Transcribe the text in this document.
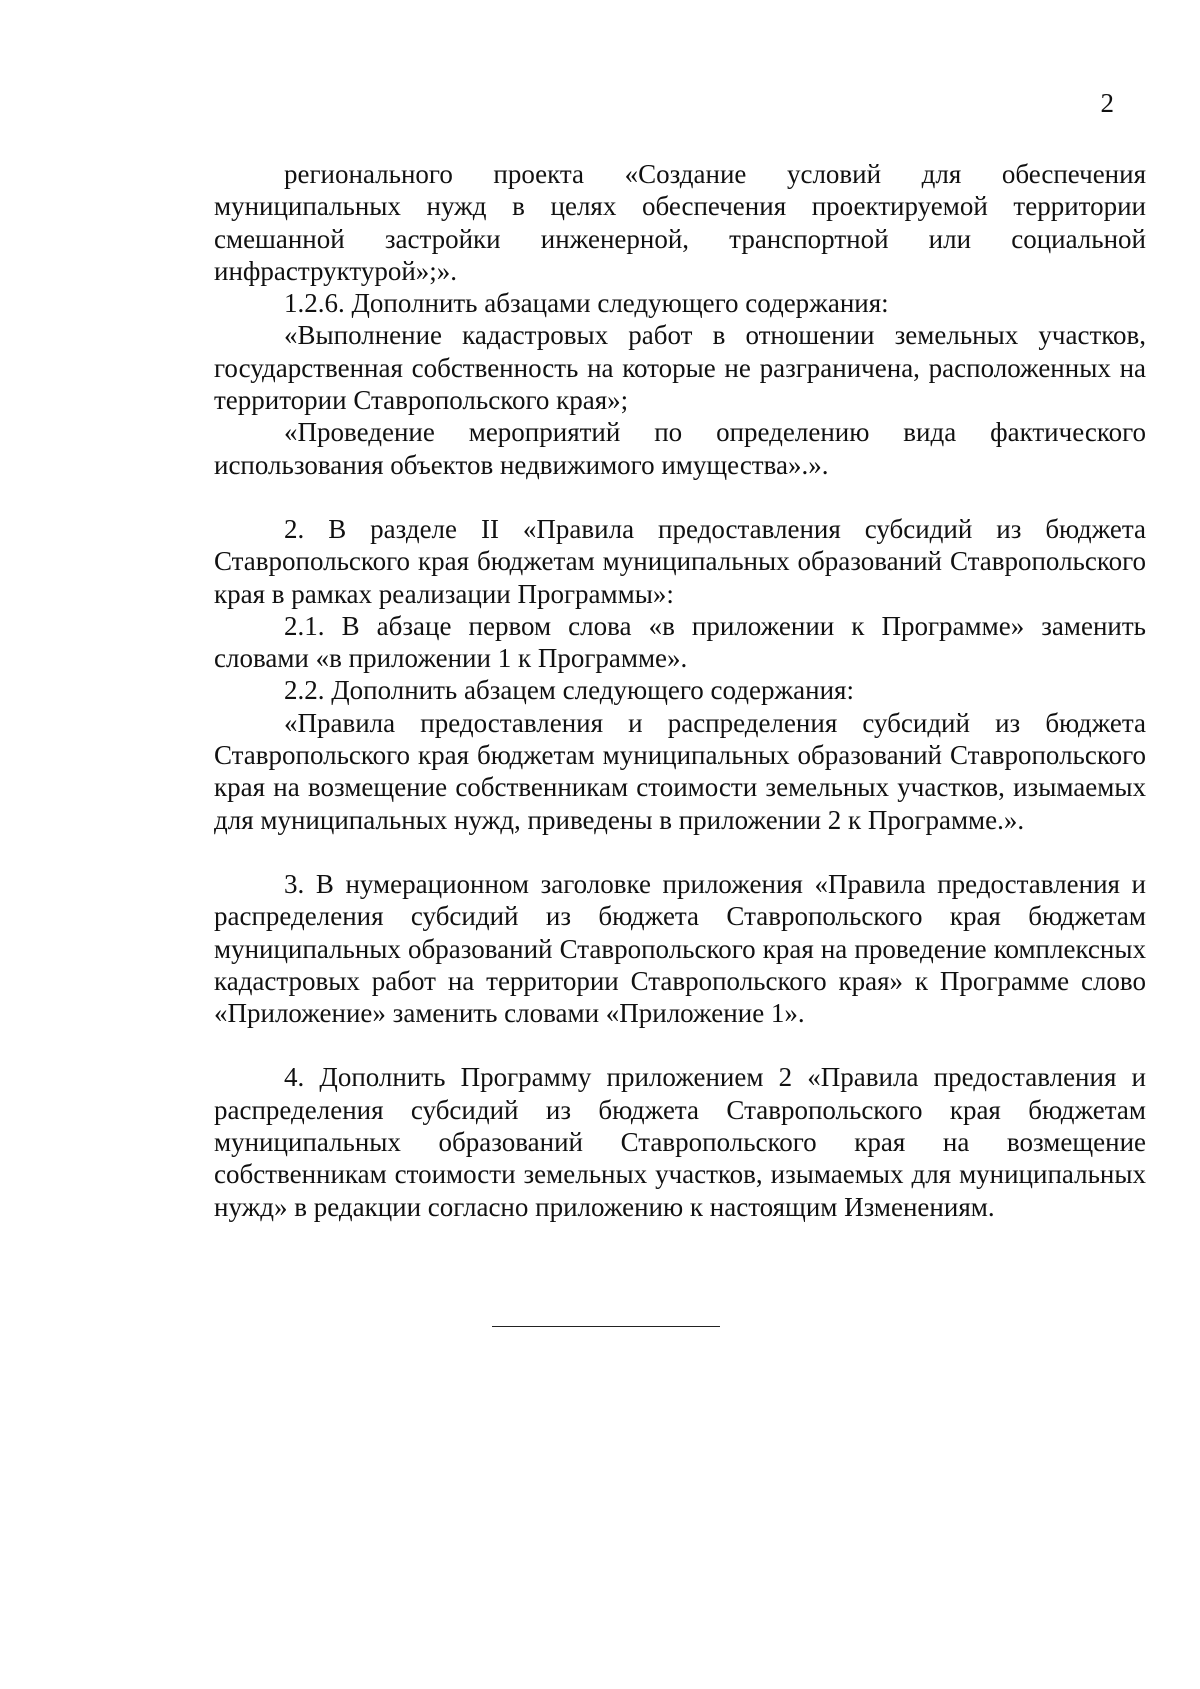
2

регионального проекта «Создание условий для обеспечения муниципальных нужд в целях обеспечения проектируемой территории смешанной застройки инженерной, транспортной или социальной инфраструктурой»;».

1.2.6. Дополнить абзацами следующего содержания:

«Выполнение кадастровых работ в отношении земельных участков, государственная собственность на которые не разграничена, расположенных на территории Ставропольского края»;

«Проведение мероприятий по определению вида фактического использования объектов недвижимого имущества».».

2. В разделе II «Правила предоставления субсидий из бюджета Ставропольского края бюджетам муниципальных образований Ставропольского края в рамках реализации Программы»:

2.1. В абзаце первом слова «в приложении к Программе» заменить словами «в приложении 1 к Программе».

2.2. Дополнить абзацем следующего содержания:

«Правила предоставления и распределения субсидий из бюджета Ставропольского края бюджетам муниципальных образований Ставропольского края на возмещение собственникам стоимости земельных участков, изымаемых для муниципальных нужд, приведены в приложении 2 к Программе.».

3. В нумерационном заголовке приложения «Правила предоставления и распределения субсидий из бюджета Ставропольского края бюджетам муниципальных образований Ставропольского края на проведение комплексных кадастровых работ на территории Ставропольского края» к Программе слово «Приложение» заменить словами «Приложение 1».

4. Дополнить Программу приложением 2 «Правила предоставления и распределения субсидий из бюджета Ставропольского края бюджетам муниципальных образований Ставропольского края на возмещение собственникам стоимости земельных участков, изымаемых для муниципальных нужд» в редакции согласно приложению к настоящим Изменениям.
